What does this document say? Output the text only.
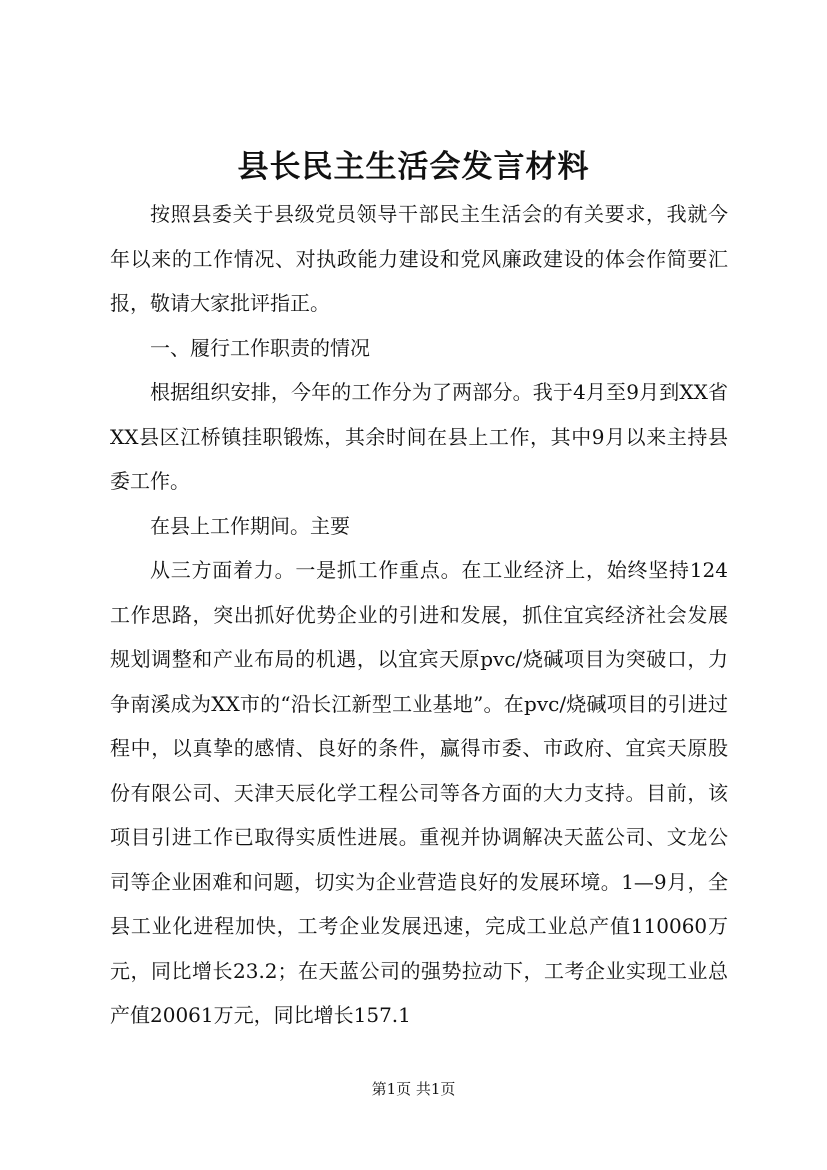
县长民主生活会发言材料

按照县委关于县级党员领导干部民主生活会的有关要求，我就今年以来的工作情况、对执政能力建设和党风廉政建设的体会作简要汇报，敬请大家批评指正。

一、履行工作职责的情况

根据组织安排，今年的工作分为了两部分。我于4月至9月到XX省XX县区江桥镇挂职锻炼，其余时间在县上工作，其中9月以来主持县委工作。

在县上工作期间。主要

从三方面着力。一是抓工作重点。在工业经济上，始终坚持124工作思路，突出抓好优势企业的引进和发展，抓住宜宾经济社会发展规划调整和产业布局的机遇，以宜宾天原pvc/烧碱项目为突破口，力争南溪成为XX市的“沿长江新型工业基地”。在pvc/烧碱项目的引进过程中，以真挚的感情、良好的条件，赢得市委、市政府、宜宾天原股份有限公司、天津天辰化学工程公司等各方面的大力支持。目前，该项目引进工作已取得实质性进展。重视并协调解决天蓝公司、文龙公司等企业困难和问题，切实为企业营造良好的发展环境。1—9月，全县工业化进程加快，工考企业发展迅速，完成工业总产值110060万元，同比增长23.2；在天蓝公司的强势拉动下，工考企业实现工业总产值20061万元，同比增长157.1

第1页 共1页
